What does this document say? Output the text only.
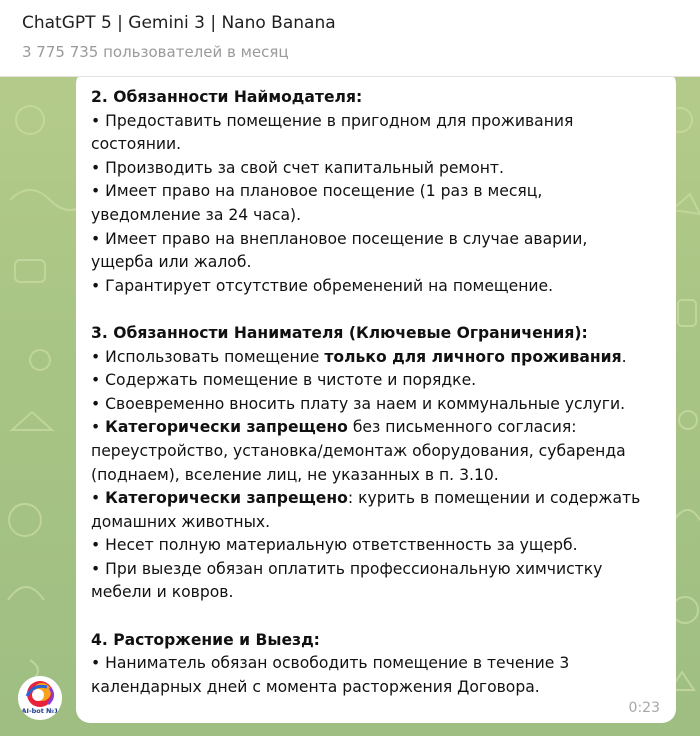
ChatGPT 5 | Gemini 3 | Nano Banana
3 775 735 пользователей в месяц
2. Обязанности Наймодателя:
• Предоставить помещение в пригодном для проживания
состоянии.
• Производить за свой счет капитальный ремонт.
• Имеет право на плановое посещение (1 раз в месяц,
уведомление за 24 часа).
• Имеет право на внеплановое посещение в случае аварии,
ущерба или жалоб.
• Гарантирует отсутствие обременений на помещение.
3. Обязанности Нанимателя (Ключевые Ограничения):
• Использовать помещение только для личного проживания.
• Содержать помещение в чистоте и порядке.
• Своевременно вносить плату за наем и коммунальные услуги.
• Категорически запрещено без письменного согласия:
переустройство, установка/демонтаж оборудования, субаренда
(поднаем), вселение лиц, не указанных в п. 3.10.
• Категорически запрещено: курить в помещении и содержать
домашних животных.
• Несет полную материальную ответственность за ущерб.
• При выезде обязан оплатить профессиональную химчистку
мебели и ковров.
4. Расторжение и Выезд:
• Наниматель обязан освободить помещение в течение 3
календарных дней с момента расторжения Договора.
0:23
AI-bot №1
